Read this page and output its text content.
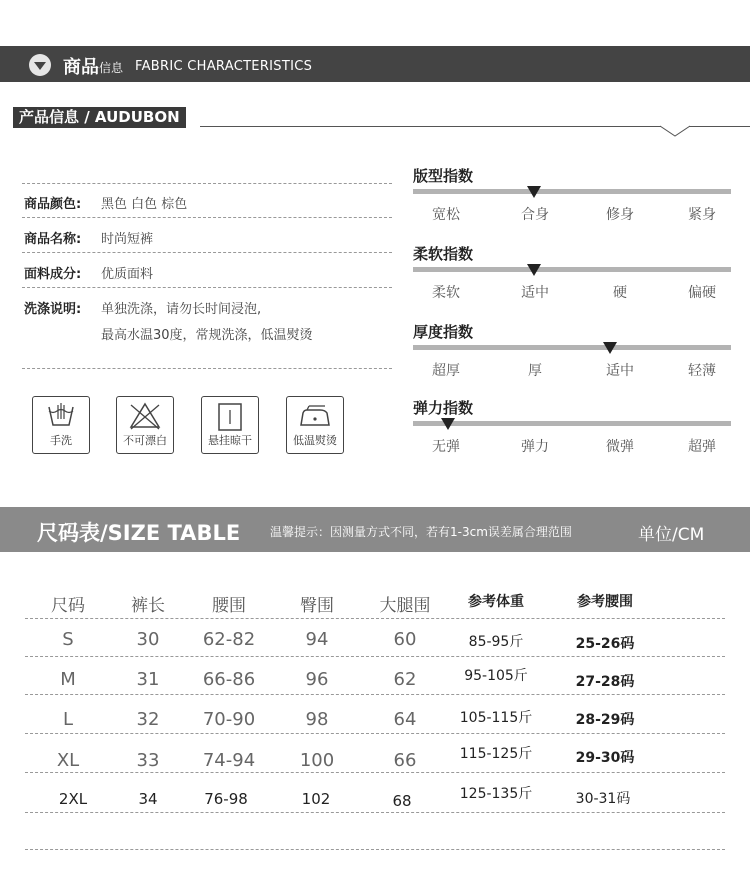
商品 信息 FABRIC CHARACTERISTICS
产品信息 / AUDUBON
商品颜色: 黑色 白色 棕色
商品名称: 时尚短裤
面料成分: 优质面料
洗涤说明: 单独洗涤，请勿长时间浸泡,
最高水温30度，常规洗涤，低温熨烫
手洗	不可漂白	悬挂晾干	低温熨烫
版型指数
宽松	合身	修身	紧身
柔软指数
柔软	适中	硬	偏硬
厚度指数
超厚	厚	适中	轻薄
弹力指数
无弹	弹力	微弹	超弹
尺码表/SIZE TABLE 温馨提示：因测量方式不同，若有1-3cm误差属合理范围	单位/CM
尺码	裤长	腰围	臀围	大腿围	参考体重	参考腰围
S	30	62-82	94	60	85-95斤	25-26码
M	31	66-86	96	62	95-105斤	27-28码
L	32	70-90	98	64	105-115斤	28-29码
XL	33	74-94	100	66	115-125斤	29-30码
2XL	34	76-98	102	68	125-135斤	30-31码
